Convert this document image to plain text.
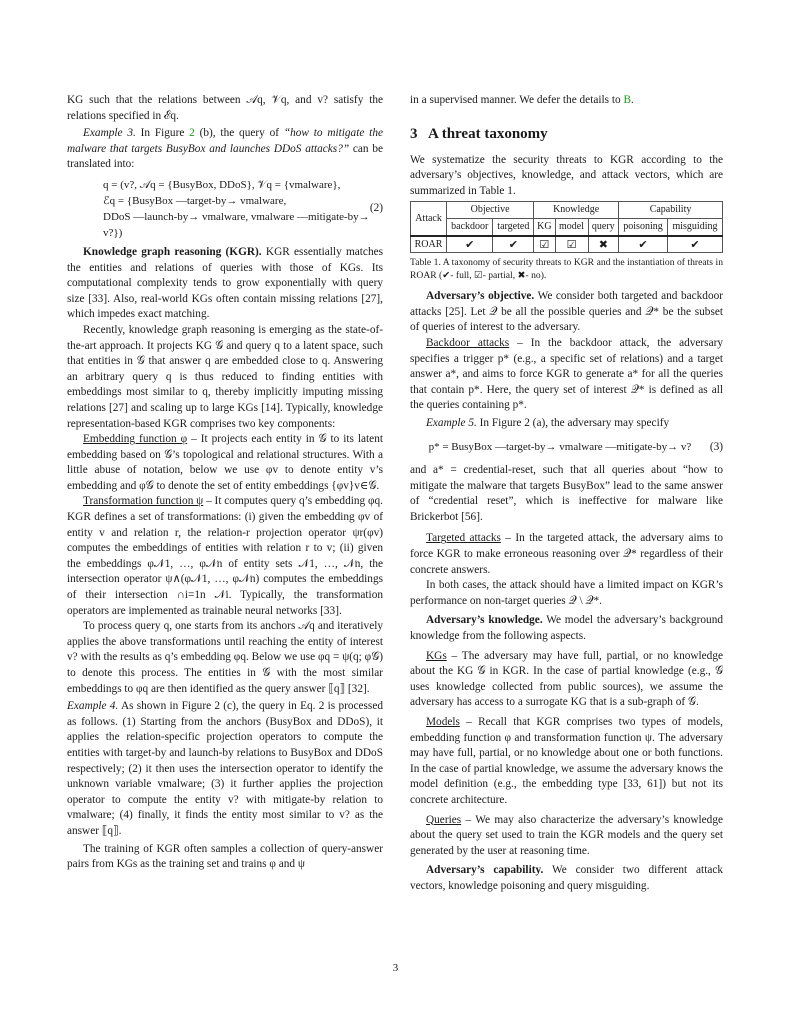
KG such that the relations between 𝒜q, 𝒱q, and v? satisfy the relations specified in ℰq.

Example 3. In Figure 2 (b), the query of “how to mitigate the malware that targets BusyBox and launches DDoS attacks?” can be translated into:

q = (v?, 𝒜q = {BusyBox, DDoS}, 𝒱q = {vmalware},
ℰq = {BusyBox —target-by→ vmalware,
DDoS —launch-by→ vmalware, vmalware —mitigate-by→ v?})
(2)

Knowledge graph reasoning (KGR). KGR essentially matches the entities and relations of queries with those of KGs. Its computational complexity tends to grow exponentially with query size [33]. Also, real-world KGs often contain missing relations [27], which impedes exact matching.

Recently, knowledge graph reasoning is emerging as the state-of-the-art approach. It projects KG 𝒢 and query q to a latent space, such that entities in 𝒢 that answer q are embedded close to q. Answering an arbitrary query q is thus reduced to finding entities with embeddings most similar to q, thereby implicitly imputing missing relations [27] and scaling up to large KGs [14]. Typically, knowledge representation-based KGR comprises two key components:

Embedding function φ – It projects each entity in 𝒢 to its latent embedding based on 𝒢’s topological and relational structures. With a little abuse of notation, below we use φv to denote entity v’s embedding and φ𝒢 to denote the set of entity embeddings {φv}v∈𝒢.

Transformation function ψ – It computes query q’s embedding φq. KGR defines a set of transformations: (i) given the embedding φv of entity v and relation r, the relation-r projection operator ψr(φv) computes the embeddings of entities with relation r to v; (ii) given the embeddings φ𝒩1, …, φ𝒩n of entity sets 𝒩1, …, 𝒩n, the intersection operator ψ∧(φ𝒩1, …, φ𝒩n) computes the embeddings of their intersection ∩i=1n 𝒩i. Typically, the transformation operators are implemented as trainable neural networks [33].

To process query q, one starts from its anchors 𝒜q and iteratively applies the above transformations until reaching the entity of interest v? with the results as q’s embedding φq. Below we use φq = ψ(q; φ𝒢) to denote this process. The entities in 𝒢 with the most similar embeddings to φq are then identified as the query answer ⟦q⟧ [32].

Example 4. As shown in Figure 2 (c), the query in Eq. 2 is processed as follows. (1) Starting from the anchors (BusyBox and DDoS), it applies the relation-specific projection operators to compute the entities with target-by and launch-by relations to BusyBox and DDoS respectively; (2) it then uses the intersection operator to identify the unknown variable vmalware; (3) it further applies the projection operator to compute the entity v? with mitigate-by relation to vmalware; (4) finally, it finds the entity most similar to v? as the answer ⟦q⟧.

The training of KGR often samples a collection of query-answer pairs from KGs as the training set and trains φ and ψ

in a supervised manner. We defer the details to B.

3 A threat taxonomy

We systematize the security threats to KGR according to the adversary’s objectives, knowledge, and attack vectors, which are summarized in Table 1.

Attack	Objective		Knowledge			Capability	
	backdoor	targeted	KG	model	query	poisoning	misguiding
ROAR	✔	✔	☑	☑	✖	✔	✔

Table 1. A taxonomy of security threats to KGR and the instantiation of threats in ROAR (✔- full, ☑- partial, ✖- no).

Adversary’s objective. We consider both targeted and backdoor attacks [25]. Let 𝒬 be all the possible queries and 𝒬* be the subset of queries of interest to the adversary.

Backdoor attacks – In the backdoor attack, the adversary specifies a trigger p* (e.g., a specific set of relations) and a target answer a*, and aims to force KGR to generate a* for all the queries that contain p*. Here, the query set of interest 𝒬* is defined as all the queries containing p*.

Example 5. In Figure 2 (a), the adversary may specify

p* = BusyBox —target-by→ vmalware —mitigate-by→ v?	(3)

and a* = credential-reset, such that all queries about “how to mitigate the malware that targets BusyBox” lead to the same answer of “credential reset”, which is ineffective for malware like Brickerbot [56].

Targeted attacks – In the targeted attack, the adversary aims to force KGR to make erroneous reasoning over 𝒬* regardless of their concrete answers.

In both cases, the attack should have a limited impact on KGR’s performance on non-target queries 𝒬 \ 𝒬*.

Adversary’s knowledge. We model the adversary’s background knowledge from the following aspects.

KGs – The adversary may have full, partial, or no knowledge about the KG 𝒢 in KGR. In the case of partial knowledge (e.g., 𝒢 uses knowledge collected from public sources), we assume the adversary has access to a surrogate KG that is a sub-graph of 𝒢.

Models – Recall that KGR comprises two types of models, embedding function φ and transformation function ψ. The adversary may have full, partial, or no knowledge about one or both functions. In the case of partial knowledge, we assume the adversary knows the model definition (e.g., the embedding type [33, 61]) but not its concrete architecture.

Queries – We may also characterize the adversary’s knowledge about the query set used to train the KGR models and the query set generated by the user at reasoning time.

Adversary’s capability. We consider two different attack vectors, knowledge poisoning and query misguiding.

3
